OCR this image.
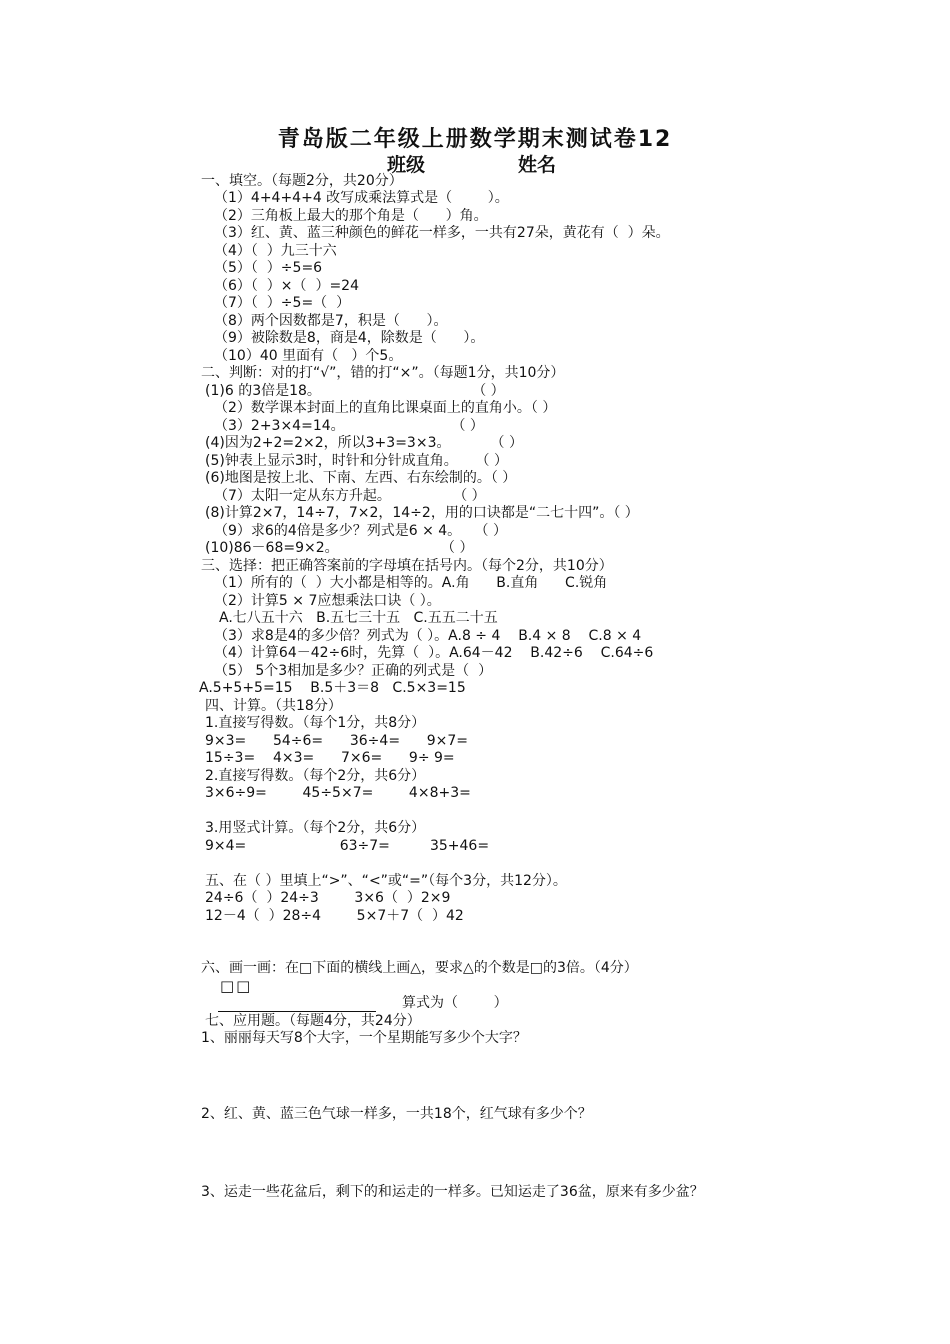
青岛版二年级上册数学期末测试卷12
班级	姓名
一、填空。（每题2分，共20分）
（1）4+4+4+4 改写成乘法算式是（        ）。
（2）三角板上最大的那个角是（      ）角。
（3）红、黄、蓝三种颜色的鲜花一样多，一共有27朵，黄花有（  ）朵。
（4）（  ）九三十六
（5）（  ）÷5=6
（6）（  ）×（  ）=24
（7）（  ）÷5=（  ）
（8）两个因数都是7，积是（      ）。
（9）被除数是8，商是4，除数是（      ）。
（10）40 里面有（   ）个5。
二、判断：对的打“√”，错的打“×”。（每题1分，共10分）
(1)6 的3倍是18。                                  （ ）
（2）数学课本封面上的直角比课桌面上的直角小。（ ）
（3）2+3×4=14。                        （ ）
(4)因为2+2=2×2，所以3+3=3×3。         （ ）
(5)钟表上显示3时，时针和分针成直角。    （ ）
(6)地图是按上北、下南、左西、右东绘制的。（ ）
（7）太阳一定从东方升起。              （ ）
(8)计算2×7，14÷7，7×2，14÷2，用的口诀都是“二七十四”。（ ）
（9）求6的4倍是多少？列式是6 × 4。   （ ）
(10)86－68=9×2。                       （ ）
三、选择：把正确答案前的字母填在括号内。（每个2分，共10分）
（1）所有的（  ）大小都是相等的。A.角      B.直角      C.锐角
（2）计算5 × 7应想乘法口诀（ ）。
A.七八五十六   B.五七三十五   C.五五二十五
（3）求8是4的多少倍？列式为（ ）。A.8 ÷ 4    B.4 × 8    C.8 × 4
（4）计算64－42÷6时，先算（  ）。A.64－42    B.42÷6    C.64÷6
（5） 5个3相加是多少？正确的列式是（  ）
A.5+5+5=15    B.5＋3＝8   C.5×3=15
四、计算。（共18分）
1.直接写得数。（每个1分，共8分）
9×3=      54÷6=      36÷4=      9×7=
15÷3=    4×3=      7×6=      9÷ 9=
2.直接写得数。（每个2分，共6分）
3×6÷9=        45÷5×7=        4×8+3=
3.用竖式计算。（每个2分，共6分）
9×4=                     63÷7=         35+46=
五、在（ ）里填上“>”、“<”或“=”（每个3分，共12分）。
24÷6（  ）24÷3        3×6（  ）2×9
12－4（  ）28÷4        5×7＋7（  ）42
六、画一画：在□下面的横线上画△，要求△的个数是□的3倍。（4分）
□□
算式为（        ）
七、应用题。（每题4分，共24分）
1、丽丽每天写8个大字，一个星期能写多少个大字？
2、红、黄、蓝三色气球一样多，一共18个，红气球有多少个？
3、运走一些花盆后，剩下的和运走的一样多。已知运走了36盆，原来有多少盆？
